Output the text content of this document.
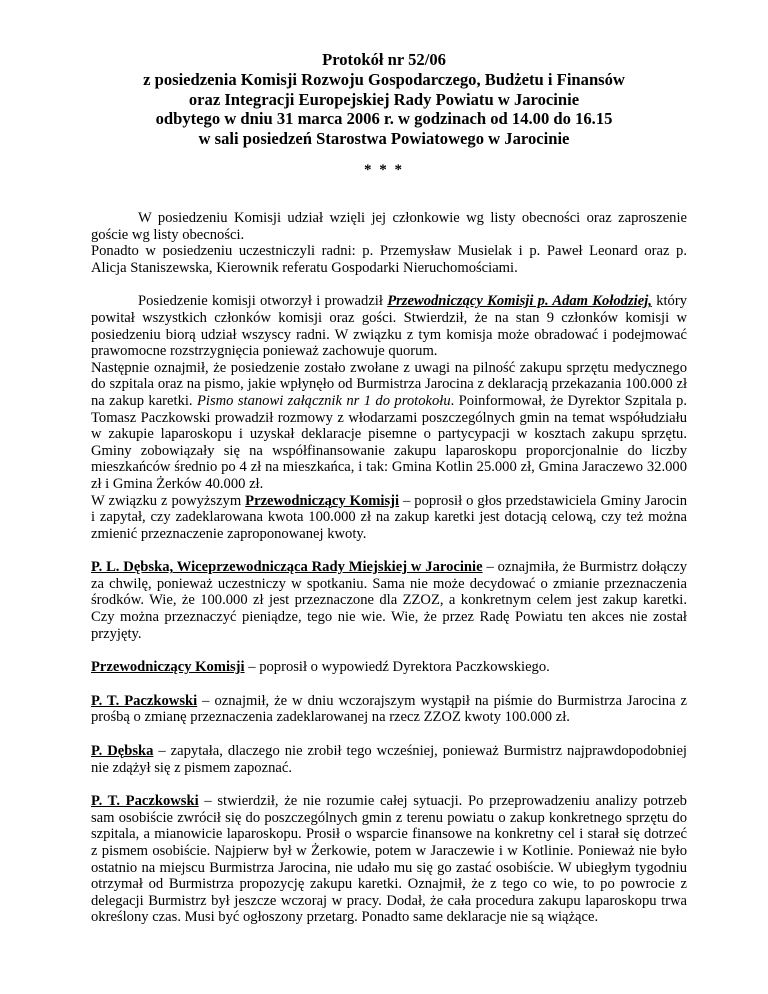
Protokół nr 52/06
z posiedzenia Komisji Rozwoju Gospodarczego, Budżetu i Finansów
oraz Integracji Europejskiej Rady Powiatu w Jarocinie
odbytego w dniu 31 marca 2006 r. w godzinach od 14.00 do 16.15
w sali posiedzeń Starostwa Powiatowego w Jarocinie
* * *

W posiedzeniu Komisji udział wzięli jej członkowie wg listy obecności oraz zaproszenie goście wg listy obecności.
Ponadto w posiedzeniu uczestniczyli radni: p. Przemysław Musielak i p. Paweł Leonard oraz p. Alicja Staniszewska, Kierownik referatu Gospodarki Nieruchomościami.

Posiedzenie komisji otworzył i prowadził Przewodniczący Komisji p. Adam Kołodziej, który powitał wszystkich członków komisji oraz gości. Stwierdził, że na stan 9 członków komisji w posiedzeniu biorą udział wszyscy radni. W związku z tym komisja może obradować i podejmować prawomocne rozstrzygnięcia ponieważ zachowuje quorum.
Następnie oznajmił, że posiedzenie zostało zwołane z uwagi na pilność zakupu sprzętu medycznego do szpitala oraz na pismo, jakie wpłynęło od Burmistrza Jarocina z deklaracją przekazania 100.000 zł na zakup karetki. Pismo stanowi załącznik nr 1 do protokołu. Poinformował, że Dyrektor Szpitala p. Tomasz Paczkowski prowadził rozmowy z włodarzami poszczególnych gmin na temat współudziału w zakupie laparoskopu i uzyskał deklaracje pisemne o partycypacji w kosztach zakupu sprzętu. Gminy zobowiązały się na współfinansowanie zakupu laparoskopu proporcjonalnie do liczby mieszkańców średnio po 4 zł na mieszkańca, i tak: Gmina Kotlin 25.000 zł, Gmina Jaraczewo 32.000 zł i Gmina Żerków 40.000 zł.
W związku z powyższym Przewodniczący Komisji – poprosił o głos przedstawiciela Gminy Jarocin i zapytał, czy zadeklarowana kwota 100.000 zł na zakup karetki jest dotacją celową, czy też można zmienić przeznaczenie zaproponowanej kwoty.

P. L. Dębska, Wiceprzewodnicząca Rady Miejskiej w Jarocinie – oznajmiła, że Burmistrz dołączy za chwilę, ponieważ uczestniczy w spotkaniu. Sama nie może decydować o zmianie przeznaczenia środków. Wie, że 100.000 zł jest przeznaczone dla ZZOZ, a konkretnym celem jest zakup karetki. Czy można przeznaczyć pieniądze, tego nie wie. Wie, że przez Radę Powiatu ten akces nie został przyjęty.

Przewodniczący Komisji – poprosił o wypowiedź Dyrektora Paczkowskiego.

P. T. Paczkowski – oznajmił, że w dniu wczorajszym wystąpił na piśmie do Burmistrza Jarocina z prośbą o zmianę przeznaczenia zadeklarowanej na rzecz ZZOZ kwoty 100.000 zł.

P. Dębska – zapytała, dlaczego nie zrobił tego wcześniej, ponieważ Burmistrz najprawdopodobniej nie zdążył się z pismem zapoznać.

P. T. Paczkowski – stwierdził, że nie rozumie całej sytuacji. Po przeprowadzeniu analizy potrzeb sam osobiście zwrócił się do poszczególnych gmin z terenu powiatu o zakup konkretnego sprzętu do szpitala, a mianowicie laparoskopu. Prosił o wsparcie finansowe na konkretny cel i starał się dotrzeć z pismem osobiście. Najpierw był w Żerkowie, potem w Jaraczewie i w Kotlinie. Ponieważ nie było ostatnio na miejscu Burmistrza Jarocina, nie udało mu się go zastać osobiście. W ubiegłym tygodniu otrzymał od Burmistrza propozycję zakupu karetki. Oznajmił, że z tego co wie, to po powrocie z delegacji Burmistrz był jeszcze wczoraj w pracy. Dodał, że cała procedura zakupu laparoskopu trwa określony czas. Musi być ogłoszony przetarg. Ponadto same deklaracje nie są wiążące.
